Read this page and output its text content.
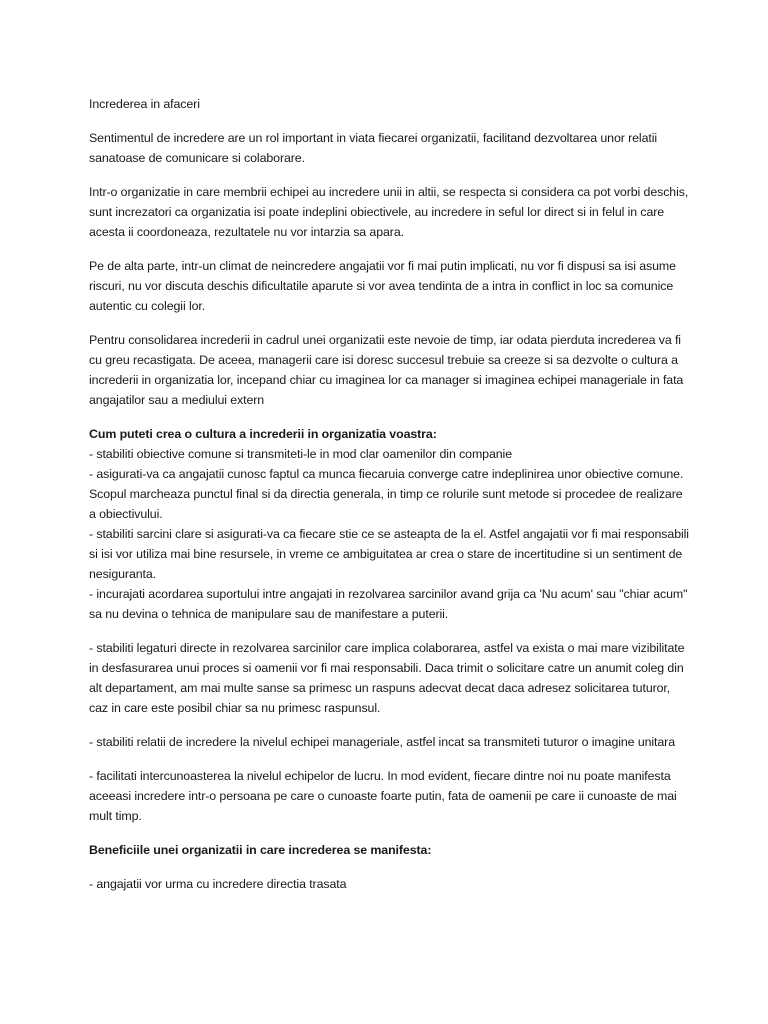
Increderea in afaceri

Sentimentul de incredere are un rol important in viata fiecarei organizatii, facilitand dezvoltarea unor relatii sanatoase de comunicare si colaborare.

Intr-o organizatie in care membrii echipei au incredere unii in altii, se respecta si considera ca pot vorbi deschis, sunt increzatori ca organizatia isi poate indeplini obiectivele, au incredere in seful lor direct si in felul in care acesta ii coordoneaza, rezultatele nu vor intarzia sa apara.

Pe de alta parte, intr-un climat de neincredere angajatii vor fi mai putin implicati, nu vor fi dispusi sa isi asume riscuri, nu vor discuta deschis dificultatile aparute si vor avea tendinta de a intra in conflict in loc sa comunice autentic cu colegii lor.

Pentru consolidarea increderii in cadrul unei organizatii este nevoie de timp, iar odata pierduta increderea va fi cu greu recastigata. De aceea, managerii care isi doresc succesul trebuie sa creeze si sa dezvolte o cultura a increderii in organizatia lor, incepand chiar cu imaginea lor ca manager si imaginea echipei manageriale in fata angajatilor sau a mediului extern

Cum puteti crea o cultura a increderii in organizatia voastra:

- stabiliti obiective comune si transmiteti-le in mod clar oamenilor din companie
- asigurati-va ca angajatii cunosc faptul ca munca fiecaruia converge catre indeplinirea unor obiective comune. Scopul marcheaza punctul final si da directia generala, in timp ce rolurile sunt metode si procedee de realizare a obiectivului.
- stabiliti sarcini clare si asigurati-va ca fiecare stie ce se asteapta de la el. Astfel angajatii vor fi mai responsabili si isi vor utiliza mai bine resursele, in vreme ce ambiguitatea ar crea o stare de incertitudine si un sentiment de nesiguranta.
- incurajati acordarea suportului intre angajati in rezolvarea sarcinilor avand grija ca 'Nu acum' sau "chiar acum" sa nu devina o tehnica de manipulare sau de manifestare a puterii.

- stabiliti legaturi directe in rezolvarea sarcinilor care implica colaborarea, astfel va exista o mai mare vizibilitate in desfasurarea unui proces si oamenii vor fi mai responsabili. Daca trimit o solicitare catre un anumit coleg din alt departament, am mai multe sanse sa primesc un raspuns adecvat decat daca adresez solicitarea tuturor, caz in care este posibil chiar sa nu primesc raspunsul.

- stabiliti relatii de incredere la nivelul echipei manageriale, astfel incat sa transmiteti tuturor o imagine unitara

- facilitati intercunoasterea la nivelul echipelor de lucru. In mod evident, fiecare dintre noi nu poate manifesta aceeasi incredere intr-o persoana pe care o cunoaste foarte putin, fata de oamenii pe care ii cunoaste de mai mult timp.

Beneficiile unei organizatii in care increderea se manifesta:

- angajatii vor urma cu incredere directia trasata
